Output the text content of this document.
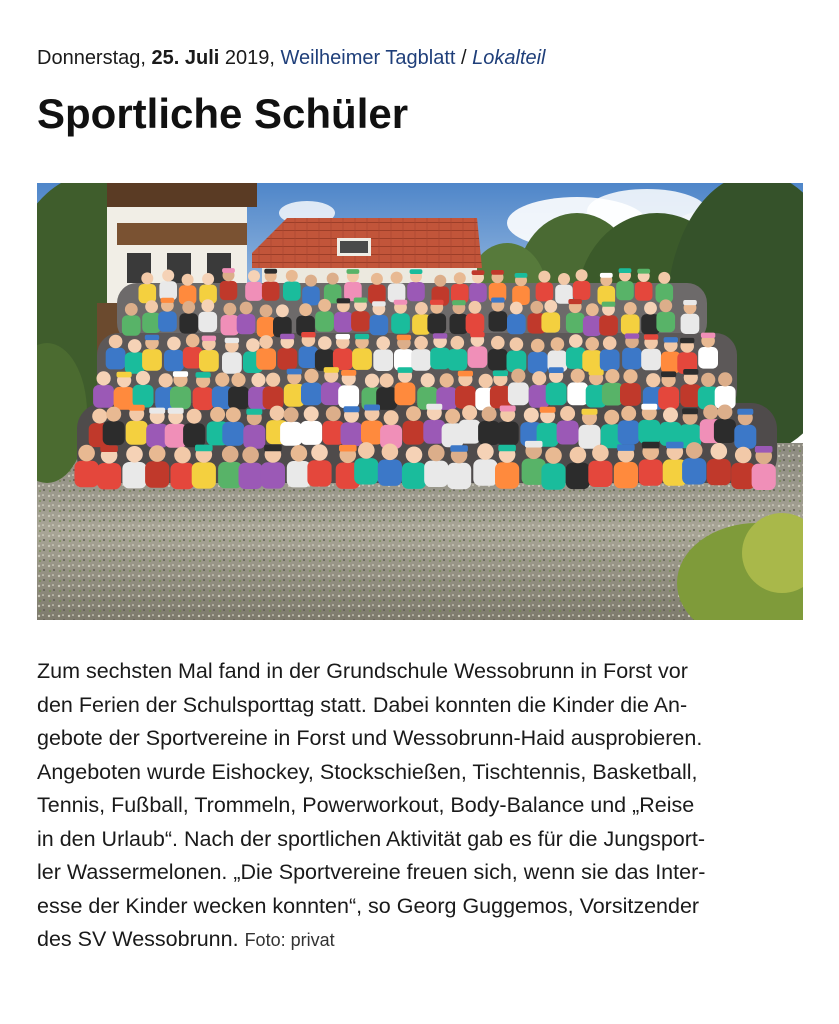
Donnerstag, 25. Juli 2019, Weilheimer Tagblatt / Lokalteil
Sportliche Schüler
Zum sechsten Mal fand in der Grundschule Wessobrunn in Forst vor
den Ferien der Schulsporttag statt. Dabei konnten die Kinder die An-
gebote der Sportvereine in Forst und Wessobrunn-Haid ausprobieren.
Angeboten wurde Eishockey, Stockschießen, Tischtennis, Basketball,
Tennis, Fußball, Trommeln, Powerworkout, Body-Balance und „Reise
in den Urlaub“. Nach der sportlichen Aktivität gab es für die Jungsport-
ler Wassermelonen. „Die Sportvereine freuen sich, wenn sie das Inter-
esse der Kinder wecken konnten“, so Georg Guggemos, Vorsitzender
des SV Wessobrunn. Foto: privat
